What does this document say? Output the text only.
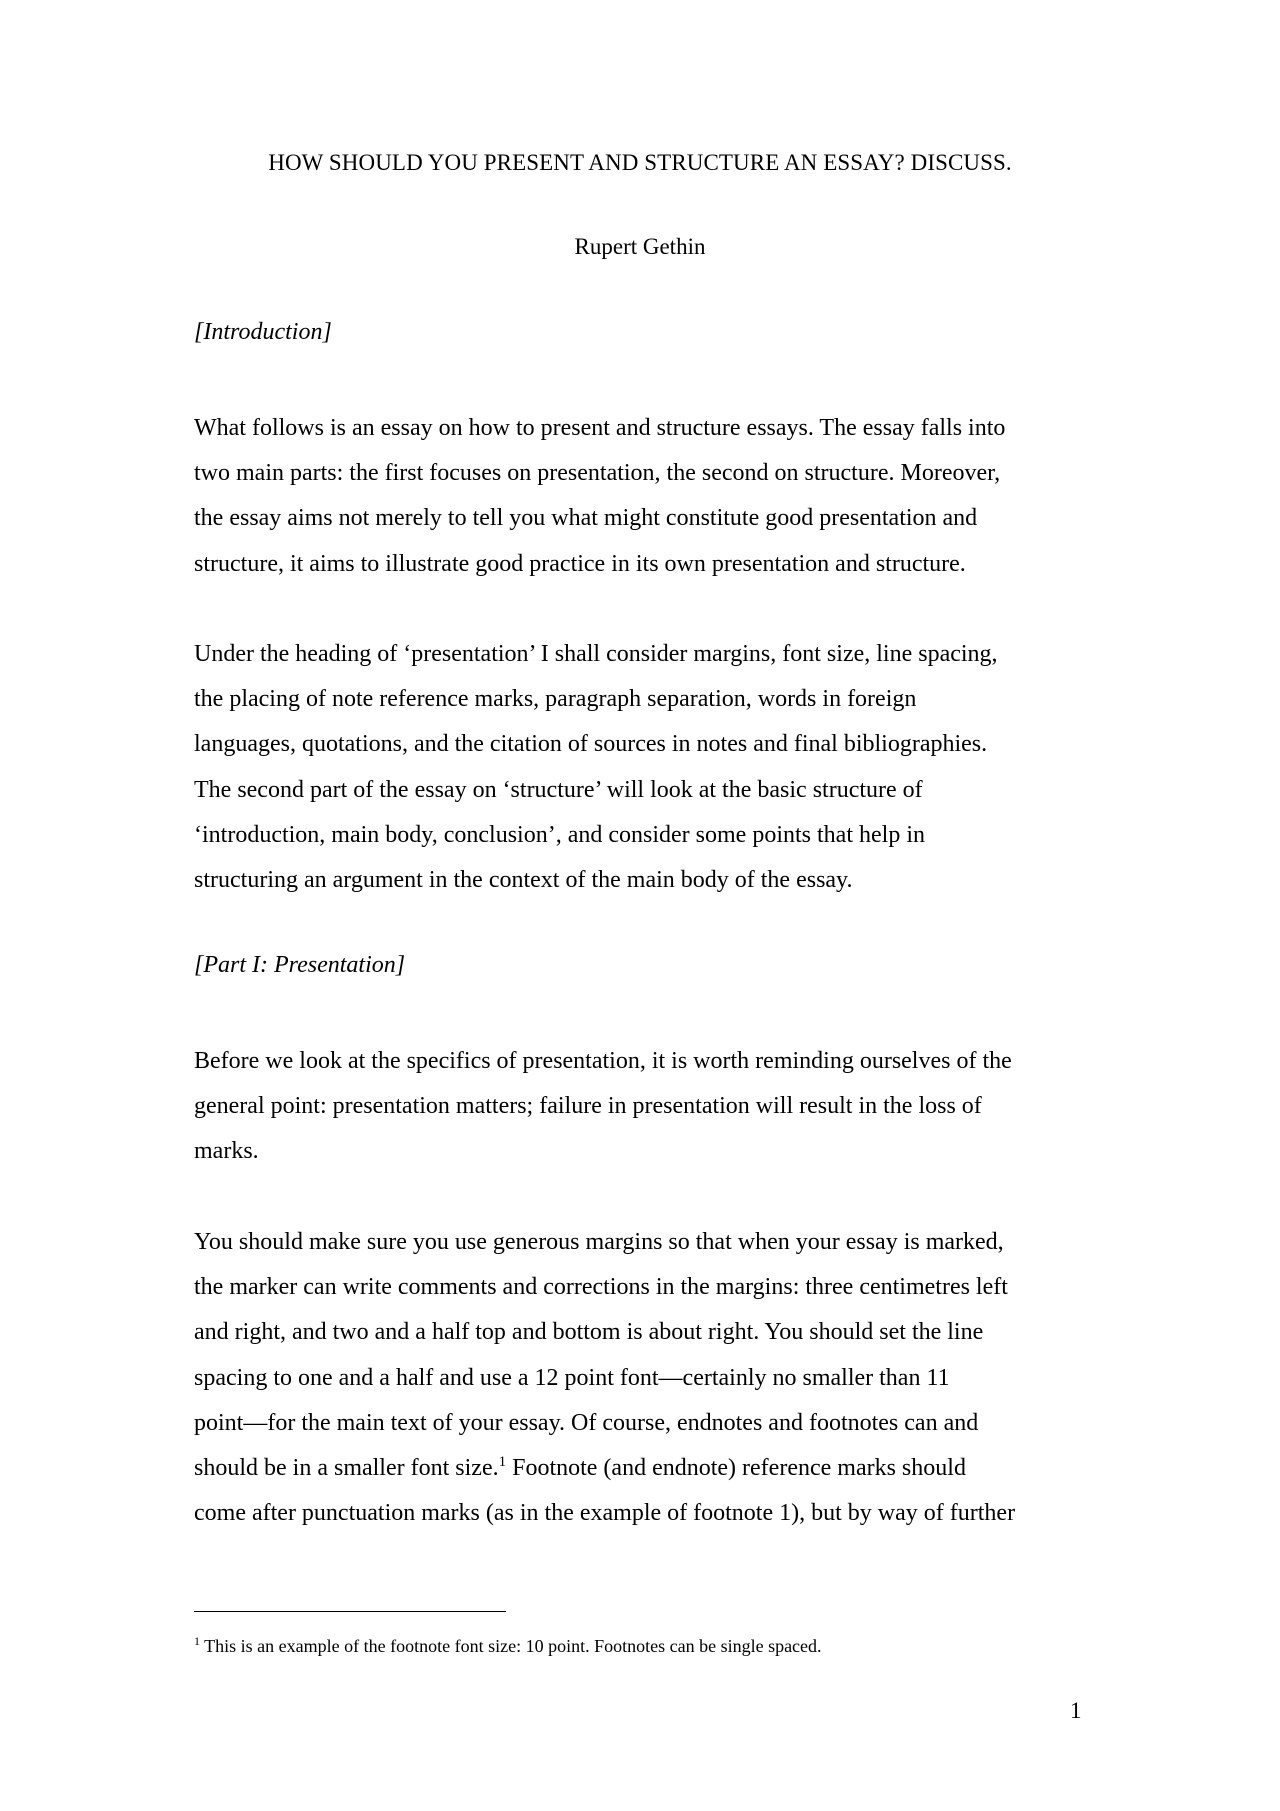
HOW SHOULD YOU PRESENT AND STRUCTURE AN ESSAY? DISCUSS.
Rupert Gethin
[Introduction]
What follows is an essay on how to present and structure essays. The essay falls into
two main parts: the first focuses on presentation, the second on structure. Moreover,
the essay aims not merely to tell you what might constitute good presentation and
structure, it aims to illustrate good practice in its own presentation and structure.
Under the heading of ‘presentation’ I shall consider margins, font size, line spacing,
the placing of note reference marks, paragraph separation, words in foreign
languages, quotations, and the citation of sources in notes and final bibliographies.
The second part of the essay on ‘structure’ will look at the basic structure of
‘introduction, main body, conclusion’, and consider some points that help in
structuring an argument in the context of the main body of the essay.
[Part I: Presentation]
Before we look at the specifics of presentation, it is worth reminding ourselves of the
general point: presentation matters; failure in presentation will result in the loss of
marks.
You should make sure you use generous margins so that when your essay is marked,
the marker can write comments and corrections in the margins: three centimetres left
and right, and two and a half top and bottom is about right. You should set the line
spacing to one and a half and use a 12 point font—certainly no smaller than 11
point—for the main text of your essay. Of course, endnotes and footnotes can and
should be in a smaller font size.$^1$ Footnote (and endnote) reference marks should
come after punctuation marks (as in the example of footnote 1), but by way of further
$^1$ This is an example of the footnote font size: 10 point. Footnotes can be single spaced.
1
